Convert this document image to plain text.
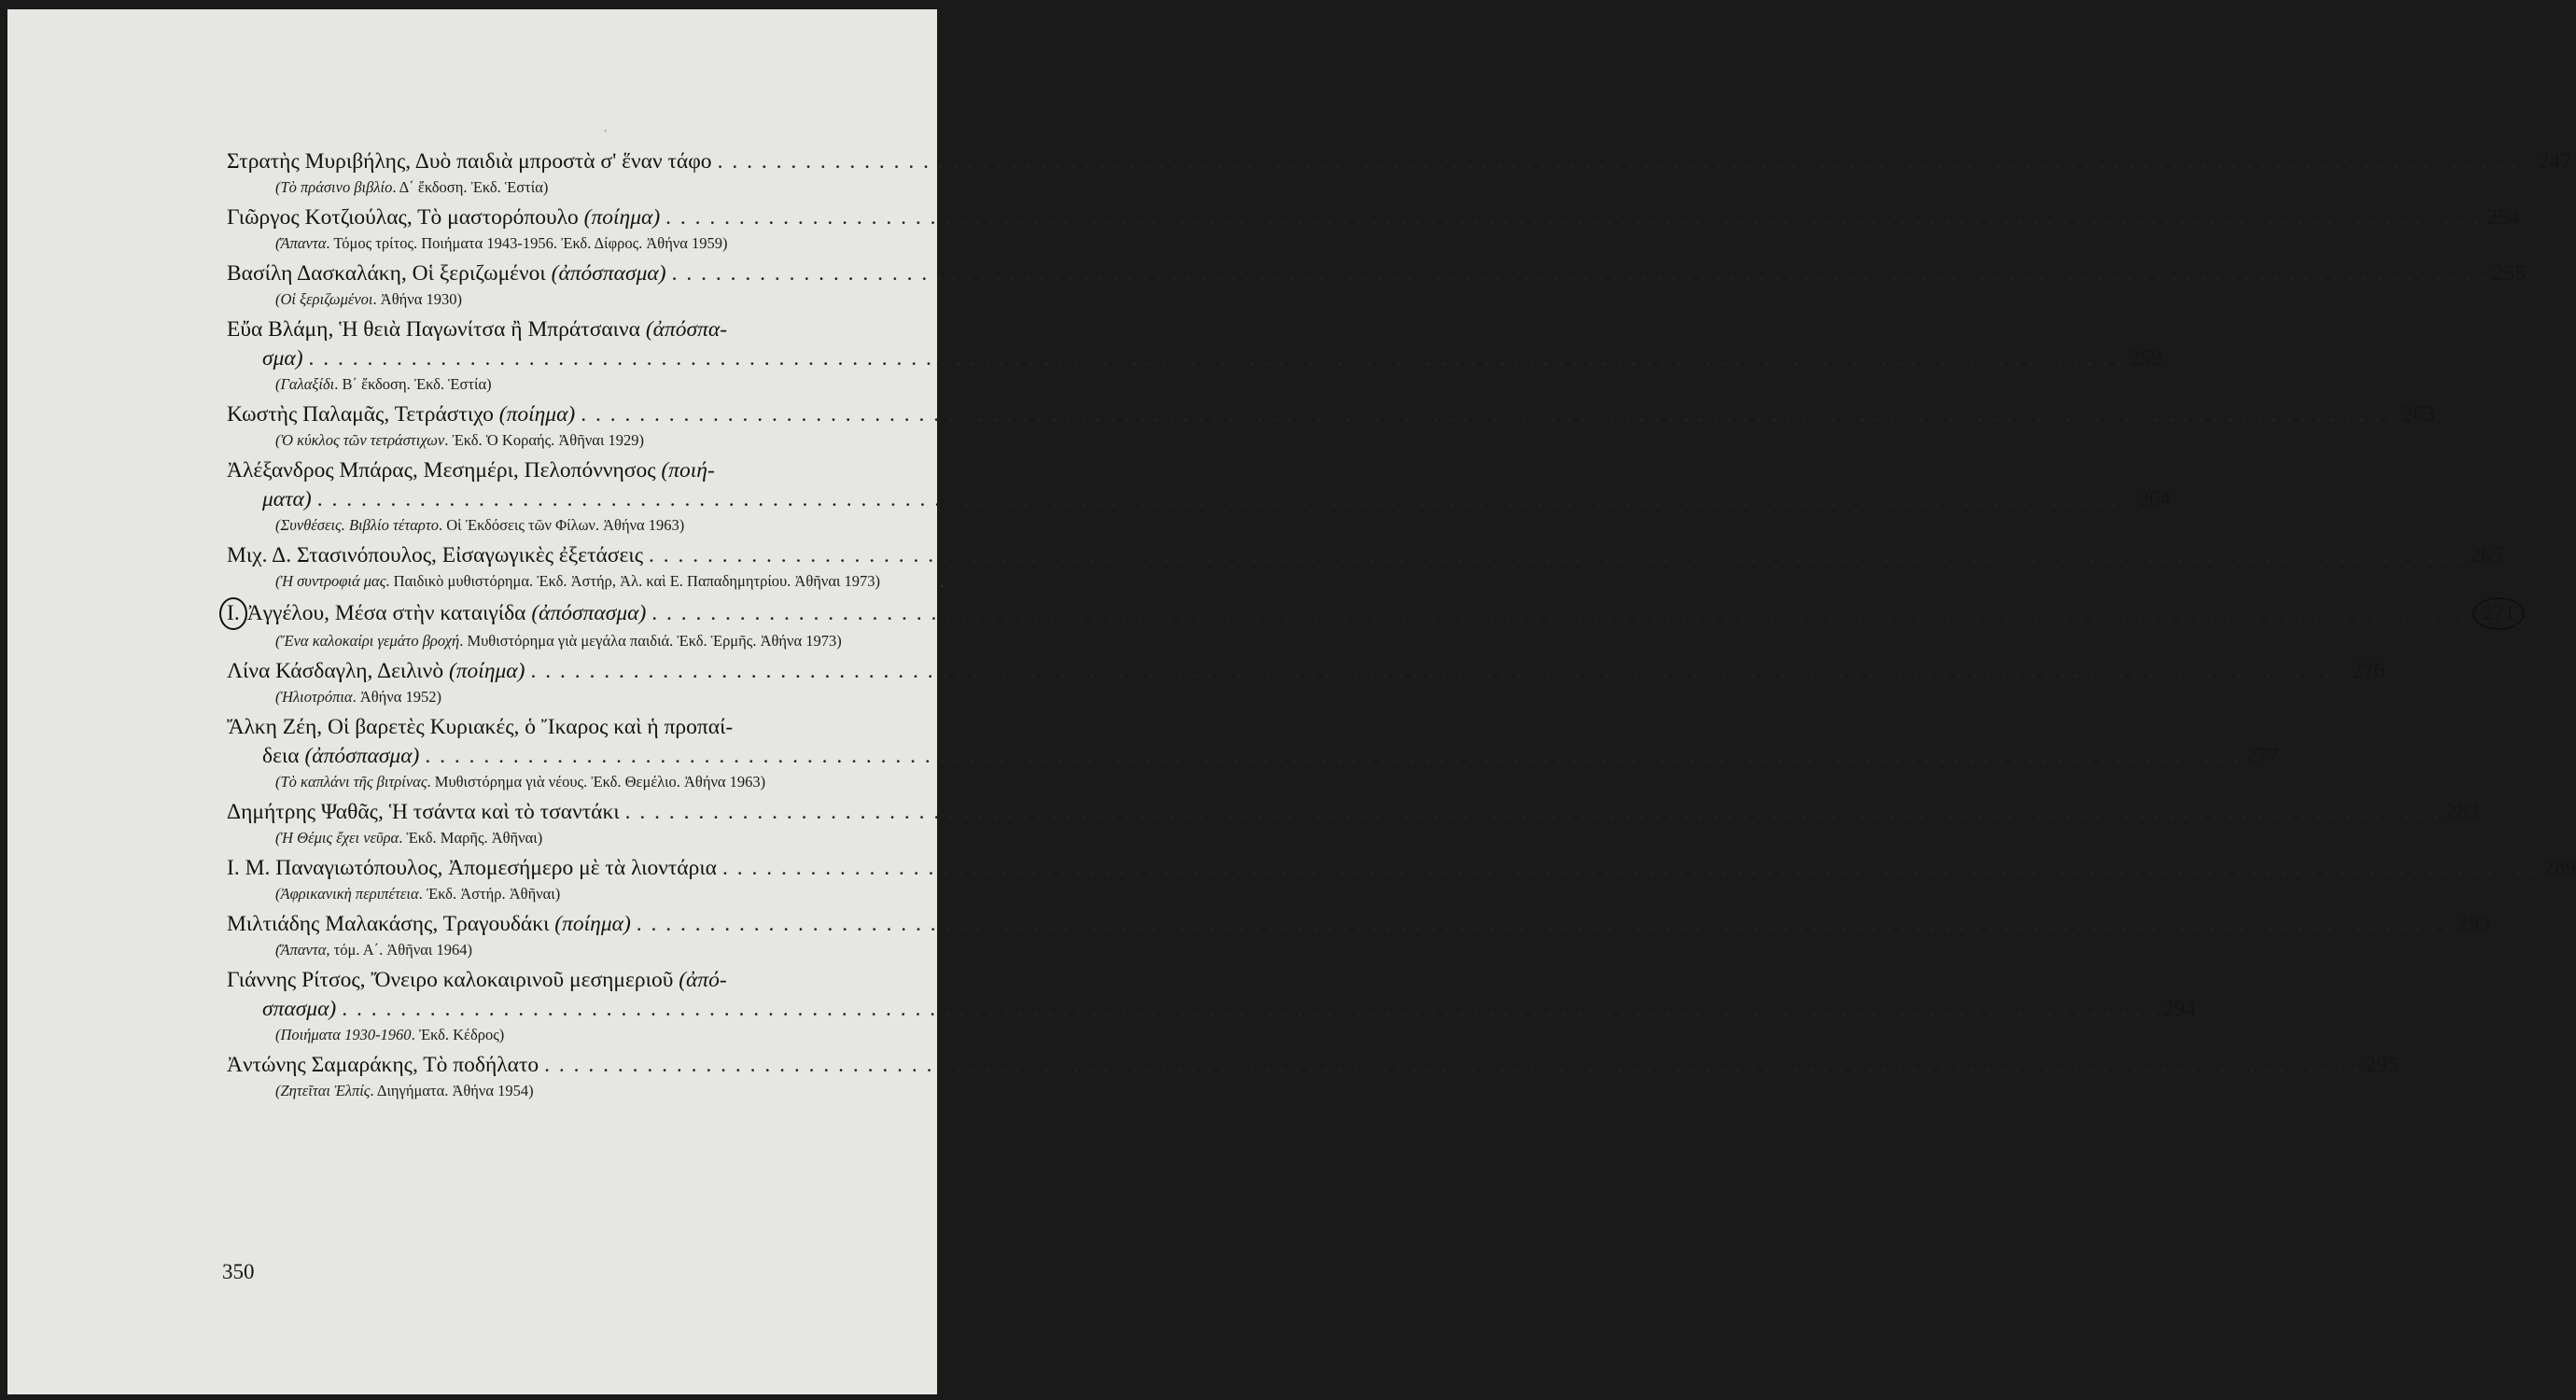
'
,
Στρατὴς Μυριβήλης, Δυὸ παιδιὰ μπροστὰ σ' ἕναν τάφο . . .	247
(Τὸ πράσινο βιβλίο. Δ΄ ἔκδοση. Ἐκδ. Ἑστία)
Γιῶργος Κοτζιούλας, Τὸ μαστορόπουλο (ποίημα) . . .	254
(Ἅπαντα. Τόμος τρίτος. Ποιήματα 1943-1956. Ἐκδ. Δίφρος. Ἀθήνα 1959)
Βασίλη Δασκαλάκη, Οἱ ξεριζωμένοι (ἀπόσπασμα) . . .	255
(Οἱ ξεριζωμένοι. Ἀθήνα 1930)
Εὔα Βλάμη, Ἡ θειὰ Παγωνίτσα ἢ Μπράτσαινα (ἀπόσπα-
σμα) . . .	259
(Γαλαξίδι. Β΄ ἔκδοση. Ἐκδ. Ἑστία)
Κωστὴς Παλαμᾶς, Τετράστιχο (ποίημα) . . .	263
(Ὁ κύκλος τῶν τετράστιχων. Ἐκδ. Ὁ Κοραής. Ἀθῆναι 1929)
Ἀλέξανδρος Μπάρας, Μεσημέρι, Πελοπόννησος (ποιή-
ματα) . . .	264
(Συνθέσεις. Βιβλίο τέταρτο. Οἱ Ἐκδόσεις τῶν Φίλων. Ἀθήνα 1963)
Μιχ. Δ. Στασινόπουλος, Εἰσαγωγικὲς ἐξετάσεις . . .	265
(Ἡ συντροφιά μας. Παιδικὸ μυθιστόρημα. Ἐκδ. Ἀστήρ, Ἀλ. καὶ Ε. Παπαδημητρίου. Ἀθῆναι 1973)
Ι. Ἀγγέλου, Μέσα στὴν καταιγίδα (ἀπόσπασμα) . . .	271
(Ἕνα καλοκαίρι γεμάτο βροχή. Μυθιστόρημα γιὰ μεγάλα παιδιά. Ἐκδ. Ἑρμῆς. Ἀθήνα 1973)
Λίνα Κάσδαγλη, Δειλινὸ (ποίημα) . . .	276
(Ἡλιοτρόπια. Ἀθήνα 1952)
Ἄλκη Ζέη, Οἱ βαρετὲς Κυριακές, ὁ Ἴκαρος καὶ ἡ προπαί-
δεια (ἀπόσπασμα) . . .	277
(Τὸ καπλάνι τῆς βιτρίνας. Μυθιστόρημα γιὰ νέους. Ἐκδ. Θεμέλιο. Ἀθήνα 1963)
Δημήτρης Ψαθᾶς, Ἡ τσάντα καὶ τὸ τσαντάκι . . .	283
(Ἡ Θέμις ἔχει νεῦρα. Ἐκδ. Μαρῆς. Ἀθῆναι)
Ι. Μ. Παναγιωτόπουλος, Ἀπομεσήμερο μὲ τὰ λιοντάρια . . .	289
(Ἀφρικανικὴ περιπέτεια. Ἐκδ. Ἀστήρ. Ἀθῆναι)
Μιλτιάδης Μαλακάσης, Τραγουδάκι (ποίημα) . . .	293
(Ἅπαντα, τόμ. Α΄. Ἀθῆναι 1964)
Γιάννης Ρίτσος, Ὄνειρο καλοκαιρινοῦ μεσημεριοῦ (ἀπό-
σπασμα) . . .	294
(Ποιήματα 1930-1960. Ἐκδ. Κέδρος)
Ἀντώνης Σαμαράκης, Τὸ ποδήλατο . . .	295
(Ζητεῖται Ἐλπίς. Διηγήματα. Ἀθήνα 1954)
350
